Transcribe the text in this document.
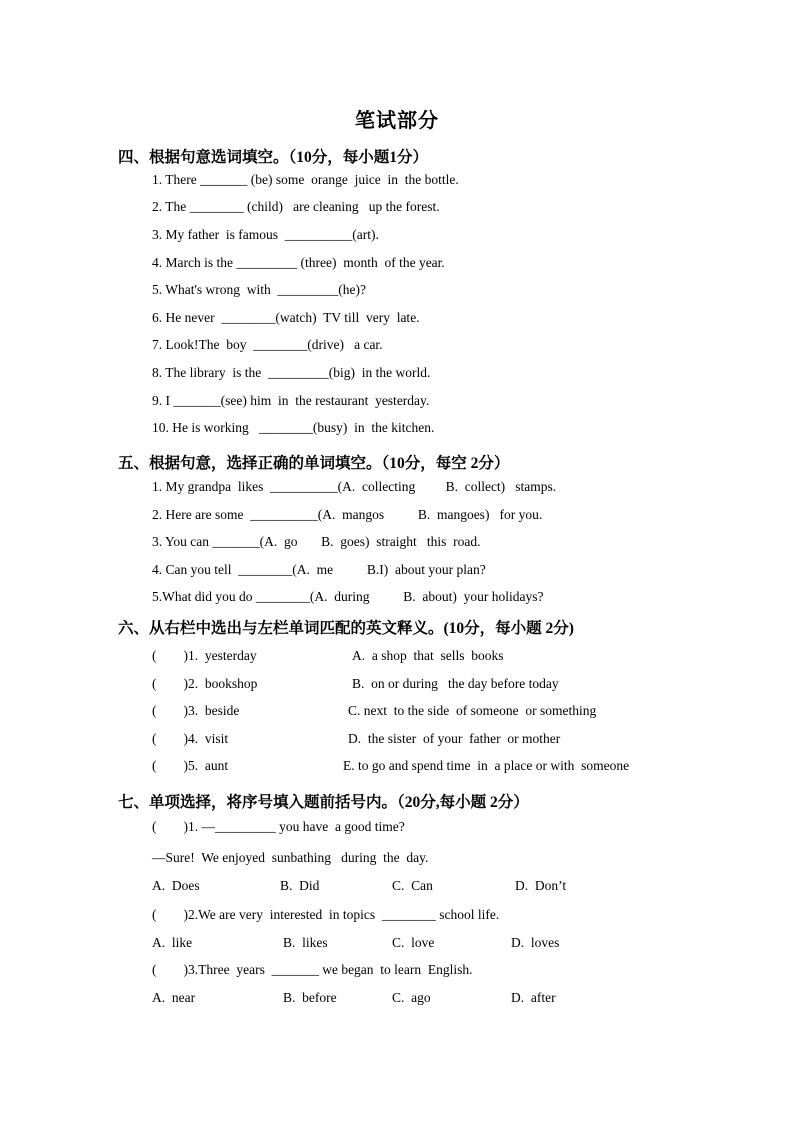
笔试部分
四、根据句意选词填空。（10分，每小题1分）
1. There _______ (be) some  orange  juice  in  the bottle.
2. The ________ (child)   are cleaning   up the forest.
3. My father  is famous  __________(art).
4. March is the _________ (three)  month  of the year.
5. What's wrong  with  _________(he)?
6. He never  ________(watch)  TV till  very  late.
7. Look!The  boy  ________(drive)   a car.
8. The library  is the  _________(big)  in the world.
9. I _______(see) him  in  the restaurant  yesterday.
10. He is working   ________(busy)  in  the kitchen.
五、根据句意，选择正确的单词填空。（10分，每空 2分）
1. My grandpa  likes  __________(A.  collecting         B.  collect)   stamps.
2. Here are some  __________(A.  mangos          B.  mangoes)   for you.
3. You can _______(A.  go       B.  goes)  straight   this  road.
4. Can you tell  ________(A.  me          B.I)  about your plan?
5.What did you do ________(A.  during          B.  about)  your holidays?
六、从右栏中选出与左栏单词匹配的英文释义。(10分，每小题 2分)
(        )1.  yesterday	A.  a shop  that  sells  books
(        )2.  bookshop	B.  on or during   the day before today
(        )3.  beside	C. next  to the side  of someone  or something
(        )4.  visit	D.  the sister  of your  father  or mother
(        )5.  aunt	E. to go and spend time  in  a place or with  someone
七、单项选择，将序号填入题前括号内。（20分,每小题 2分）
(        )1. —_________ you have  a good time?
—Sure!  We enjoyed  sunbathing   during  the  day.
A.  Does	B.  Did	C.  Can	D.  Don’t
(        )2.We are very  interested  in topics  ________ school life.
A.  like	B.  likes	C.  love	D.  loves
(        )3.Three  years  _______ we began  to learn  English.
A.  near	B.  before	C.  ago	D.  after
